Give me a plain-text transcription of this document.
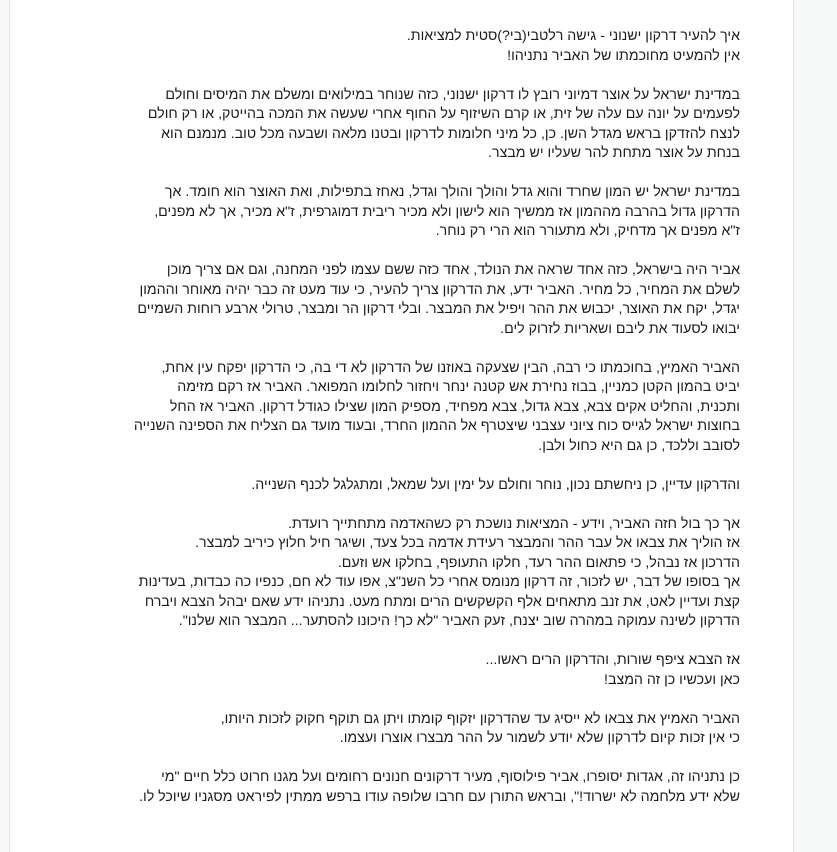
איך להעיר דרקון ישנוני - גישה רלטבי(בי?)סטית למציאות.
אין להמעיט מחוכמתו של האביר נתניהו!

במדינת ישראל על אוצר דמיוני רובץ לו דרקון ישנוני, כזה שנוחר במילואים ומשלם את המיסים וחולם
לפעמים על יונה עם עלה של זית, או קרם השיזוף על החוף אחרי שעשה את המכה בהייטק, או רק חולם
לנצח להזדקן בראש מגדל השן. כן, כל מיני חלומות לדרקון ובטנו מלאה ושבעה מכל טוב. מנמנם הוא
בנחת על אוצר מתחת להר שעליו יש מבצר.

במדינת ישראל יש המון שחרד והוא גדל והולך והולך וגדל, נאחז בתפילות, ואת האוצר הוא חומד. אך
הדרקון גדול בהרבה מההמון אז ממשיך הוא לישון ולא מכיר ריבית דמוגרפית, ז"א מכיר, אך לא מפנים,
ז"א מפנים אך מדחיק, ולא מתעורר הוא הרי רק נוחר.

אביר היה בישראל, כזה אחד שראה את הנולד, אחד כזה ששם עצמו לפני המחנה, וגם אם צריך מוכן
לשלם את המחיר, כל מחיר. האביר ידע, את הדרקון צריך להעיר, כי עוד מעט זה כבר יהיה מאוחר וההמון
יגדל, יקח את האוצר, יכבוש את ההר ויפיל את המבצר. ובלי דרקון הר ומבצר, טרולי ארבע רוחות השמיים
יבואו לסעוד את ליבם ושאריות לזרוק לים.

האביר האמיץ, בחוכמתו כי רבה, הבין שצעקה באוזנו של הדרקון לא די בה, כי הדרקון יפקח עין אחת,
יביט בהמון הקטן כמניין, בבוז נחירת אש קטנה ינחר ויחזור לחלומו המפואר. האביר אז רקם מזימה
ותכנית, והחליט אקים צבא, צבא גדול, צבא מפחיד, מספיק המון שצילו כגודל דרקון. האביר אז החל
בחוצות ישראל לגייס כוח ציוני עצבני שיצטרף אל ההמון החרד, ובעוד מועד גם הצליח את הספינה השנייה
לסובב וללכד, כן גם היא כחול ולבן.

והדרקון עדיין, כן ניחשתם נכון, נוחר וחולם על ימין ועל שמאל, ומתגלגל לכנף השנייה.

אך כך בול חזה האביר, וידע - המציאות נושכת רק כשהאדמה מתחתייך רועדת.
אז הוליך את צבאו אל עבר ההר והמבצר רעידת אדמה בכל צעד, ושיגר חיל חלוץ כיריב למבצר.
הדרכון אז נבהל, כי פתאום ההר רעד, חלקו התעופף, בחלקו אש וזעם.
אך בסופו של דבר, יש לזכור, זה דרקון מנומס אחרי כל השנ"צ, אפו עוד לא חם, כנפיו כה כבדות, בעדינות
קצת ועדיין לאט, את זנב מתאחים אלף הקשקשים הרים ומתח מעט. נתניהו ידע שאם יבהל הצבא ויברח
הדרקון לשינה עמוקה במהרה שוב יצנח, זעק האביר "לא כך! היכונו להסתער... המבצר הוא שלנו".

אז הצבא ציפף שורות, והדרקון הרים ראשו...
כאן ועכשיו כן זה המצב!

האביר האמיץ את צבאו לא ייסיג עד שהדרקון יזקוף קומתו ויתן גם תוקף חקוק לזכות היותו,
כי אין זכות קיום לדרקון שלא יודע לשמור על ההר מבצרו אוצרו ועצמו.

כן נתניהו זה, אגדות יסופרו, אביר פילוסוף, מעיר דרקונים חנונים רחומים ועל מגנו חרוט כלל חיים "מי
שלא ידע מלחמה לא ישרוד!", ובראש התורן עם חרבו שלופה עודו ברפש ממתין לפיראט מסגניו שיוכל לו.
